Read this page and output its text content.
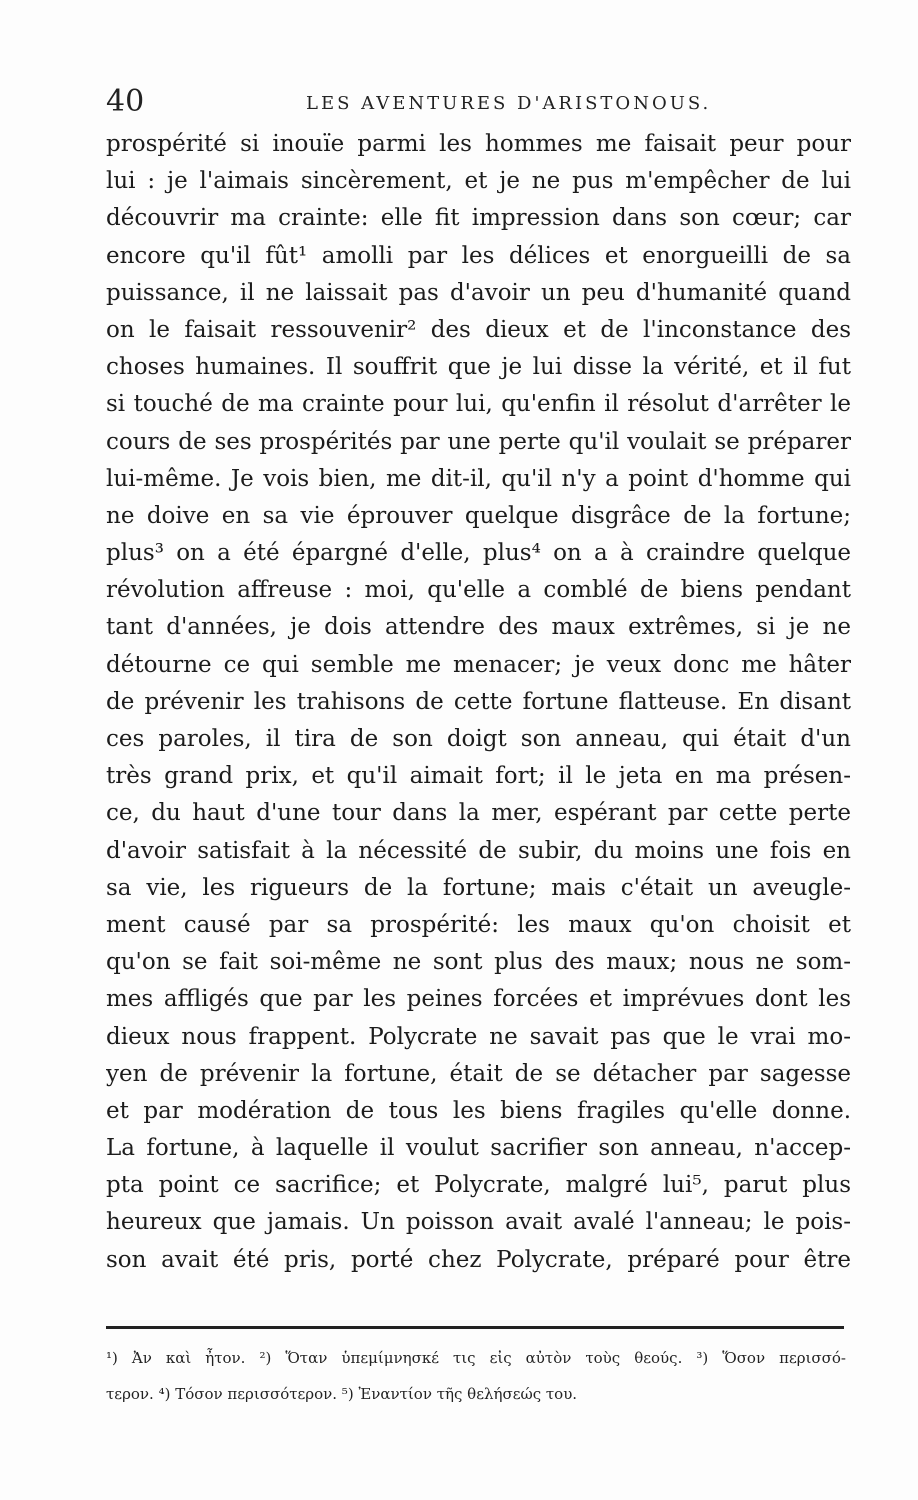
40	LES AVENTURES D'ARISTONOUS.
prospérité si inouïe parmi les hommes me faisait peur pour
lui : je l'aimais sincèrement, et je ne pus m'empêcher de lui
découvrir ma crainte: elle fit impression dans son cœur; car
encore qu'il fût¹ amolli par les délices et enorgueilli de sa
puissance, il ne laissait pas d'avoir un peu d'humanité quand
on le faisait ressouvenir² des dieux et de l'inconstance des
choses humaines. Il souffrit que je lui disse la vérité, et il fut
si touché de ma crainte pour lui, qu'enfin il résolut d'arrêter le
cours de ses prospérités par une perte qu'il voulait se préparer
lui-même. Je vois bien, me dit-il, qu'il n'y a point d'homme qui
ne doive en sa vie éprouver quelque disgrâce de la fortune;
plus³ on a été épargné d'elle, plus⁴ on a à craindre quelque
révolution affreuse : moi, qu'elle a comblé de biens pendant
tant d'années, je dois attendre des maux extrêmes, si je ne
détourne ce qui semble me menacer; je veux donc me hâter
de prévenir les trahisons de cette fortune flatteuse. En disant
ces paroles, il tira de son doigt son anneau, qui était d'un
très grand prix, et qu'il aimait fort; il le jeta en ma présen-
ce, du haut d'une tour dans la mer, espérant par cette perte
d'avoir satisfait à la nécessité de subir, du moins une fois en
sa vie, les rigueurs de la fortune; mais c'était un aveugle-
ment causé par sa prospérité: les maux qu'on choisit et
qu'on se fait soi-même ne sont plus des maux; nous ne som-
mes affligés que par les peines forcées et imprévues dont les
dieux nous frappent. Polycrate ne savait pas que le vrai mo-
yen de prévenir la fortune, était de se détacher par sagesse
et par modération de tous les biens fragiles qu'elle donne.
La fortune, à laquelle il voulut sacrifier son anneau, n'accep-
pta point ce sacrifice; et Polycrate, malgré lui⁵, parut plus
heureux que jamais. Un poisson avait avalé l'anneau; le pois-
son avait été pris, porté chez Polycrate, préparé pour être
¹) Ἀν καὶ ἦτον. ²) Ὅταν ὑπεμίμνησκέ τις εἰς αὐτὸν τοὺς θεούς. ³) Ὅσον περισσό-
τερον. ⁴) Τόσον περισσότερον. ⁵) Ἐναντίον τῆς θελήσεώς του.
